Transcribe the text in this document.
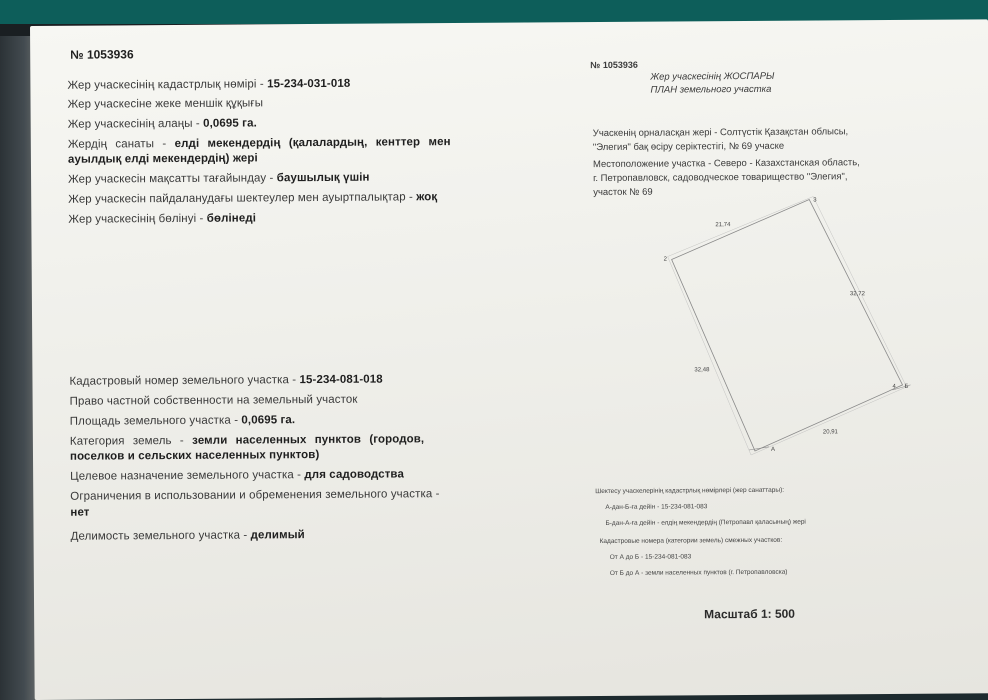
№ 1053936
Жер учаскесінің кадастрлық нөмірі - 15-234-031-018
Жер учаскесіне жеке меншік құқығы
Жер учаскесінің алаңы - 0,0695 га.
Жердің санаты - елді мекендердің (қалалардың, кенттер мен
ауылдық елді мекендердің) жері
Жер учаскесін мақсатты тағайындау - баушылық үшін
Жер учаскесін пайдаланудағы шектеулер мен ауыртпалықтар - жоқ
Жер учаскесінің бөлінуі - бөлінеді
Кадастровый номер земельного участка - 15-234-081-018
Право частной собственности на земельный участок
Площадь земельного участка - 0,0695 га.
Категория земель - земли населенных пунктов (городов,
поселков и сельских населенных пунктов)
Целевое назначение земельного участка - для садоводства
Ограничения в использовании и обременения земельного участка -
нет
Делимость земельного участка - делимый
№ 1053936
Жер учаскесінің ЖОСПАРЫ
ПЛАН земельного участка
Учаскенің орналасқан жері - Солтүстік Қазақстан облысы,
"Элегия" бақ өсіру серіктестігі, № 69 учаске
Местоположение участка - Северо - Казахстанская область,
г. Петропавловск, садоводческое товарищество "Элегия",
участок № 69
21,74
32,72
32,48
20,91
2
3
4 Б
А
Шектесу учаскелерінің кадастрлық нөмірлері (жер санаттары):
А-дан-Б-ға дейін - 15-234-081-083
Б-дан-А-ға дейін - елдің мекендердің (Петропавл қаласының) жері
Кадастровые номера (категории земель) смежных участков:
От А до Б - 15-234-081-083
От Б до А - земли населенных пунктов (г. Петропавловска)
Масштаб 1: 500
